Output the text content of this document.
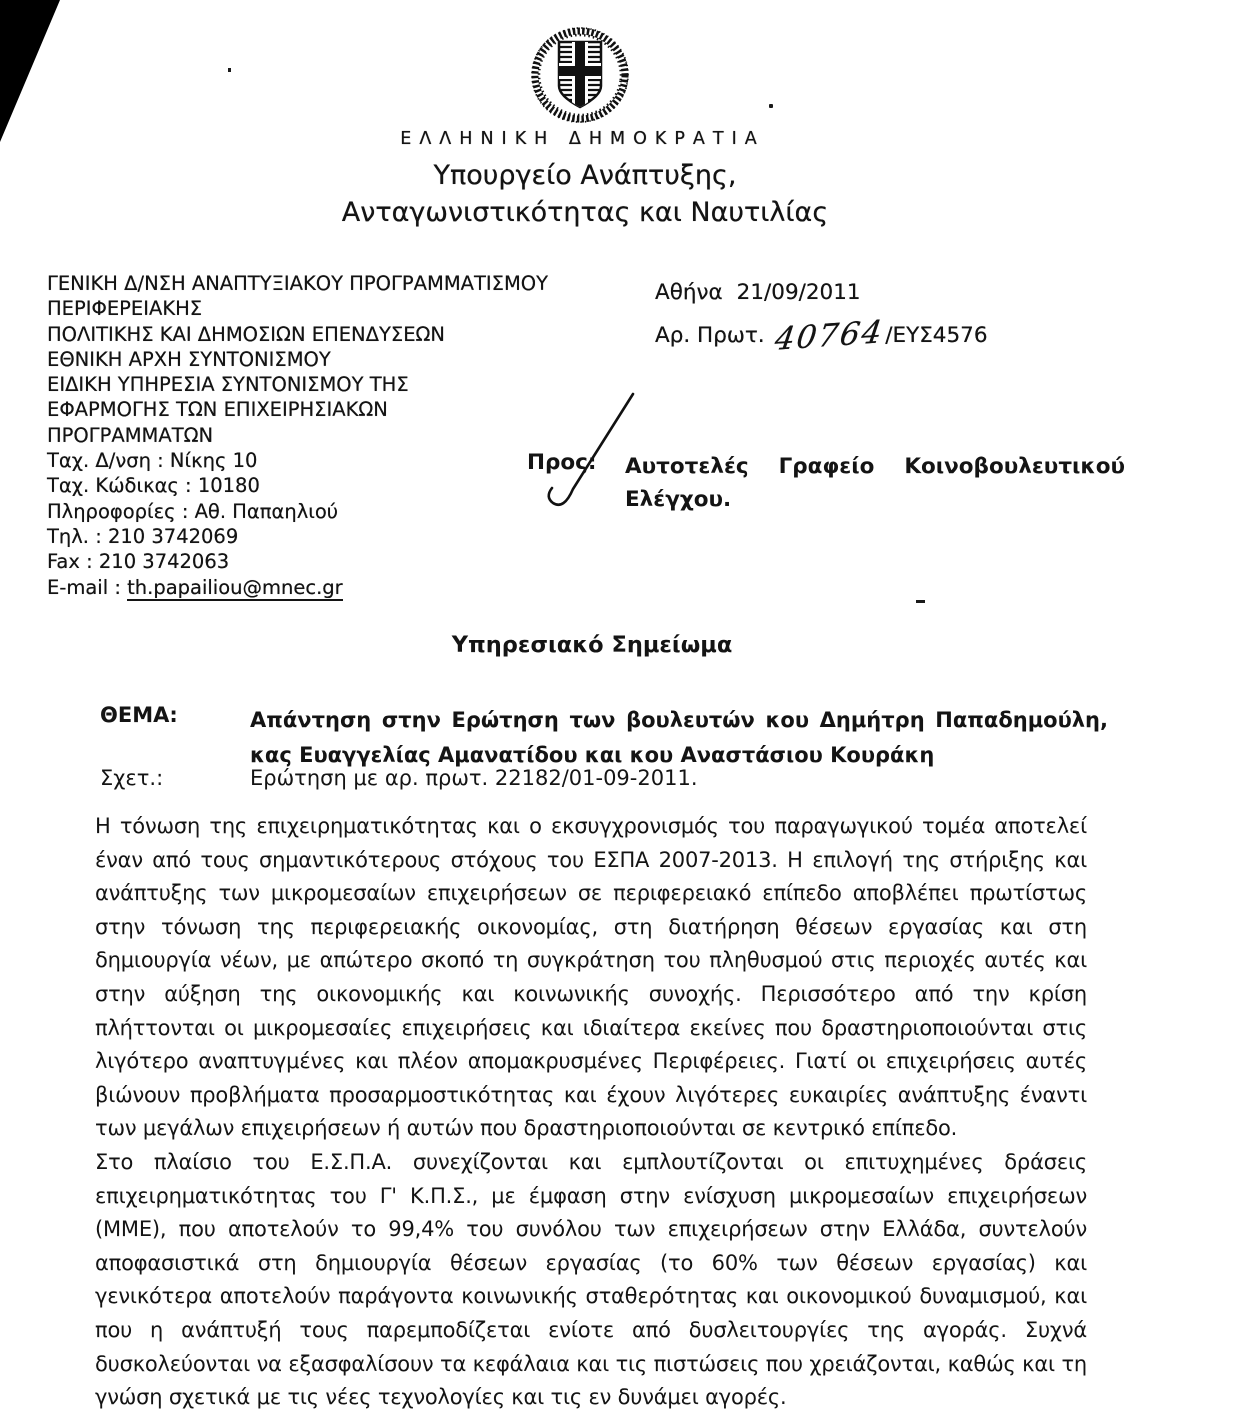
ΕΛΛΗΝΙΚΗ ΔΗΜΟΚΡΑΤΙΑ
Υπουργείο Ανάπτυξης,
Ανταγωνιστικότητας και Ναυτιλίας
ΓΕΝΙΚΗ Δ/ΝΣΗ ΑΝΑΠΤΥΞΙΑΚΟΥ ΠΡΟΓΡΑΜΜΑΤΙΣΜΟΥ
ΠΕΡΙΦΕΡΕΙΑΚΗΣ
ΠΟΛΙΤΙΚΗΣ ΚΑΙ ΔΗΜΟΣΙΩΝ ΕΠΕΝΔΥΣΕΩΝ
ΕΘΝΙΚΗ ΑΡΧΗ ΣΥΝΤΟΝΙΣΜΟΥ
ΕΙΔΙΚΗ ΥΠΗΡΕΣΙΑ ΣΥΝΤΟΝΙΣΜΟΥ ΤΗΣ
ΕΦΑΡΜΟΓΗΣ ΤΩΝ ΕΠΙΧΕΙΡΗΣΙΑΚΩΝ
ΠΡΟΓΡΑΜΜΑΤΩΝ
Ταχ. Δ/νση : Νίκης 10
Ταχ. Κώδικας : 10180
Πληροφορίες : Αθ. Παπαηλιού
Τηλ. : 210 3742069
Fax : 210 3742063
E-mail : th.papailiou@mnec.gr
Αθήνα 21/09/2011
Αρ. Πρωτ. 40764/ΕΥΣ4576
Προς: Αυτοτελές Γραφείο Κοινοβουλευτικού Ελέγχου.
Υπηρεσιακό Σημείωμα
ΘΕΜΑ:	Απάντηση στην Ερώτηση των βουλευτών κου Δημήτρη Παπαδημούλη, κας Ευαγγελίας Αμανατίδου και κου Αναστάσιου Κουράκη
Σχετ.:	Ερώτηση με αρ. πρωτ. 22182/01-09-2011.

Η τόνωση της επιχειρηματικότητας και ο εκσυγχρονισμός του παραγωγικού τομέα αποτελεί έναν από τους σημαντικότερους στόχους του ΕΣΠΑ 2007-2013. Η επιλογή της στήριξης και ανάπτυξης των μικρομεσαίων επιχειρήσεων σε περιφερειακό επίπεδο αποβλέπει πρωτίστως στην τόνωση της περιφερειακής οικονομίας, στη διατήρηση θέσεων εργασίας και στη δημιουργία νέων, με απώτερο σκοπό τη συγκράτηση του πληθυσμού στις περιοχές αυτές και στην αύξηση της οικονομικής και κοινωνικής συνοχής. Περισσότερο από την κρίση πλήττονται οι μικρομεσαίες επιχειρήσεις και ιδιαίτερα εκείνες που δραστηριοποιούνται στις λιγότερο αναπτυγμένες και πλέον απομακρυσμένες Περιφέρειες. Γιατί οι επιχειρήσεις αυτές βιώνουν προβλήματα προσαρμοστικότητας και έχουν λιγότερες ευκαιρίες ανάπτυξης έναντι των μεγάλων επιχειρήσεων ή αυτών που δραστηριοποιούνται σε κεντρικό επίπεδο.

Στο πλαίσιο του Ε.Σ.Π.Α. συνεχίζονται και εμπλουτίζονται οι επιτυχημένες δράσεις επιχειρηματικότητας του Γ' Κ.Π.Σ., με έμφαση στην ενίσχυση μικρομεσαίων επιχειρήσεων (ΜΜΕ), που αποτελούν το 99,4% του συνόλου των επιχειρήσεων στην Ελλάδα, συντελούν αποφασιστικά στη δημιουργία θέσεων εργασίας (το 60% των θέσεων εργασίας) και γενικότερα αποτελούν παράγοντα κοινωνικής σταθερότητας και οικονομικού δυναμισμού, και που η ανάπτυξή τους παρεμποδίζεται ενίοτε από δυσλειτουργίες της αγοράς. Συχνά δυσκολεύονται να εξασφαλίσουν τα κεφάλαια και τις πιστώσεις που χρειάζονται, καθώς και τη γνώση σχετικά με τις νέες τεχνολογίες και τις εν δυνάμει αγορές.
